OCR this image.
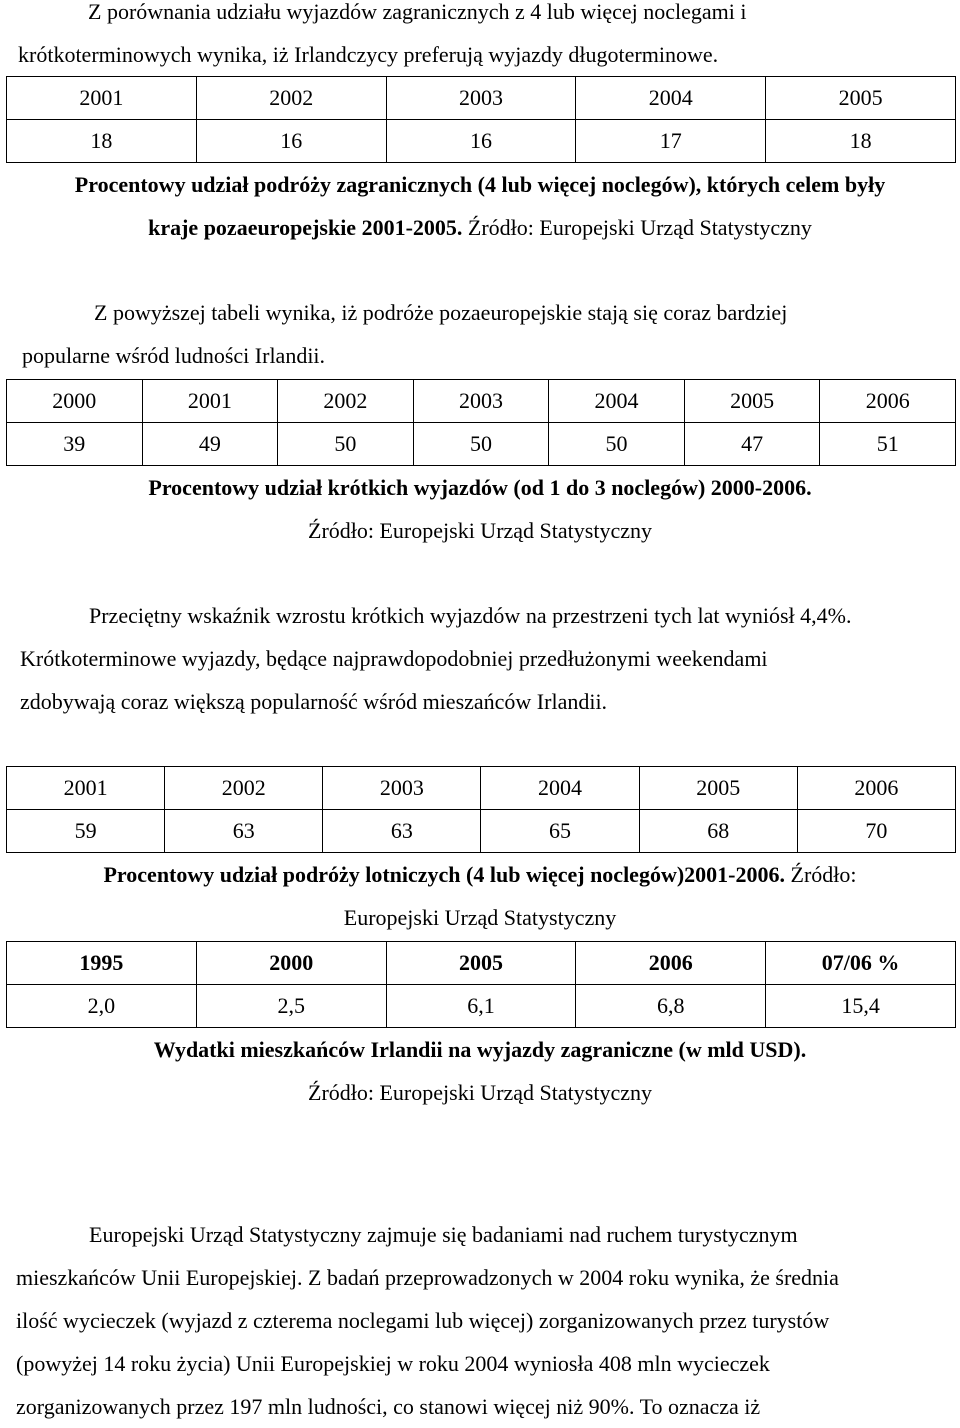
Z porównania udziału wyjazdów zagranicznych z 4 lub więcej noclegami i
krótkoterminowych wynika, iż Irlandczycy preferują wyjazdy długoterminowe.
2001	2002	2003	2004	2005
18	16	16	17	18
Procentowy udział podróży zagranicznych (4 lub więcej noclegów), których celem były
kraje pozaeuropejskie 2001-2005. Źródło: Europejski Urząd Statystyczny
Z powyższej tabeli wynika, iż podróże pozaeuropejskie stają się coraz bardziej
popularne wśród ludności Irlandii.
2000	2001	2002	2003	2004	2005	2006
39	49	50	50	50	47	51
Procentowy udział krótkich wyjazdów (od 1 do 3 noclegów) 2000-2006.
Źródło: Europejski Urząd Statystyczny
Przeciętny wskaźnik wzrostu krótkich wyjazdów na przestrzeni tych lat wyniósł 4,4%.
Krótkoterminowe wyjazdy, będące najprawdopodobniej przedłużonymi weekendami
zdobywają coraz większą popularność wśród mieszańców Irlandii.
2001	2002	2003	2004	2005	2006
59	63	63	65	68	70
Procentowy udział podróży lotniczych (4 lub więcej noclegów)2001-2006. Źródło:
Europejski Urząd Statystyczny
1995	2000	2005	2006	07/06 %
2,0	2,5	6,1	6,8	15,4
Wydatki mieszkańców Irlandii na wyjazdy zagraniczne (w mld USD).
Źródło: Europejski Urząd Statystyczny
Europejski Urząd Statystyczny zajmuje się badaniami nad ruchem turystycznym
mieszkańców Unii Europejskiej. Z badań przeprowadzonych w 2004 roku wynika, że średnia
ilość wycieczek (wyjazd z czterema noclegami lub więcej) zorganizowanych przez turystów
(powyżej 14 roku życia) Unii Europejskiej w roku 2004 wyniosła 408 mln wycieczek
zorganizowanych przez 197 mln ludności, co stanowi więcej niż 90%. To oznacza iż
